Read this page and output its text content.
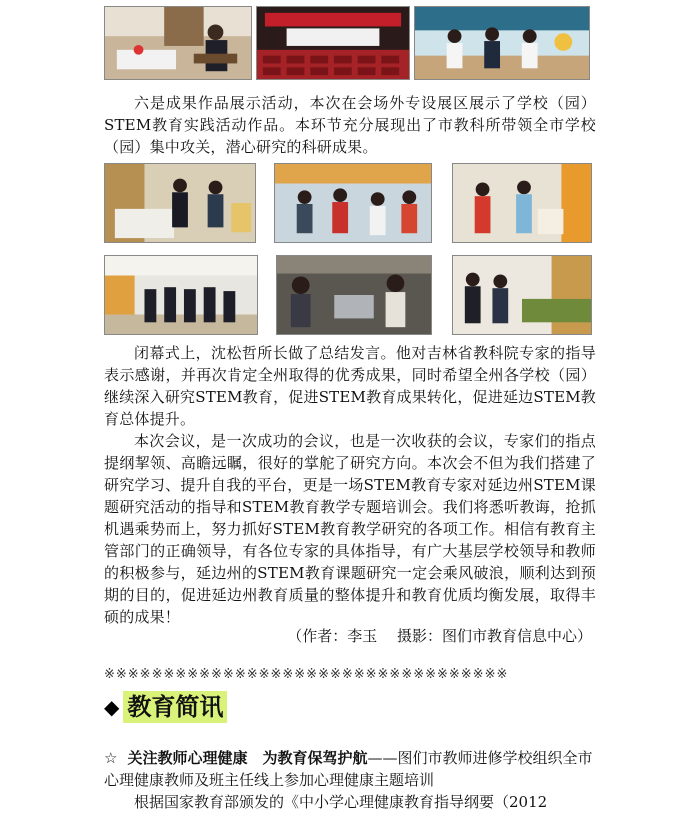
六是成果作品展示活动，本次在会场外专设展区展示了学校（园）STEM教育实践活动作品。本环节充分展现出了市教科所带领全市学校（园）集中攻关，潜心研究的科研成果。

闭幕式上，沈松哲所长做了总结发言。他对吉林省教科院专家的指导表示感谢，并再次肯定全州取得的优秀成果，同时希望全州各学校（园）继续深入研究STEM教育，促进STEM教育成果转化，促进延边STEM教育总体提升。

本次会议，是一次成功的会议，也是一次收获的会议，专家们的指点提纲挈领、高瞻远瞩，很好的掌舵了研究方向。本次会不但为我们搭建了研究学习、提升自我的平台，更是一场STEM教育专家对延边州STEM课题研究活动的指导和STEM教育教学专题培训会。我们将悉听教诲，抢抓机遇乘势而上，努力抓好STEM教育教学研究的各项工作。相信有教育主管部门的正确领导，有各位专家的具体指导，有广大基层学校领导和教师的积极参与，延边州的STEM教育课题研究一定会乘风破浪，顺利达到预期的目的，促进延边州教育质量的整体提升和教育优质均衡发展，取得丰硕的成果！

（作者：李玉　 摄影：图们市教育信息中心）

※※※※※※※※※※※※※※※※※※※※※※※※※※※※※※※※※※
◆ 教育简讯

☆ 关注教师心理健康　为教育保驾护航——图们市教师进修学校组织全市心理健康教师及班主任线上参加心理健康主题培训
根据国家教育部颁发的《中小学心理健康教育指导纲要（2012
